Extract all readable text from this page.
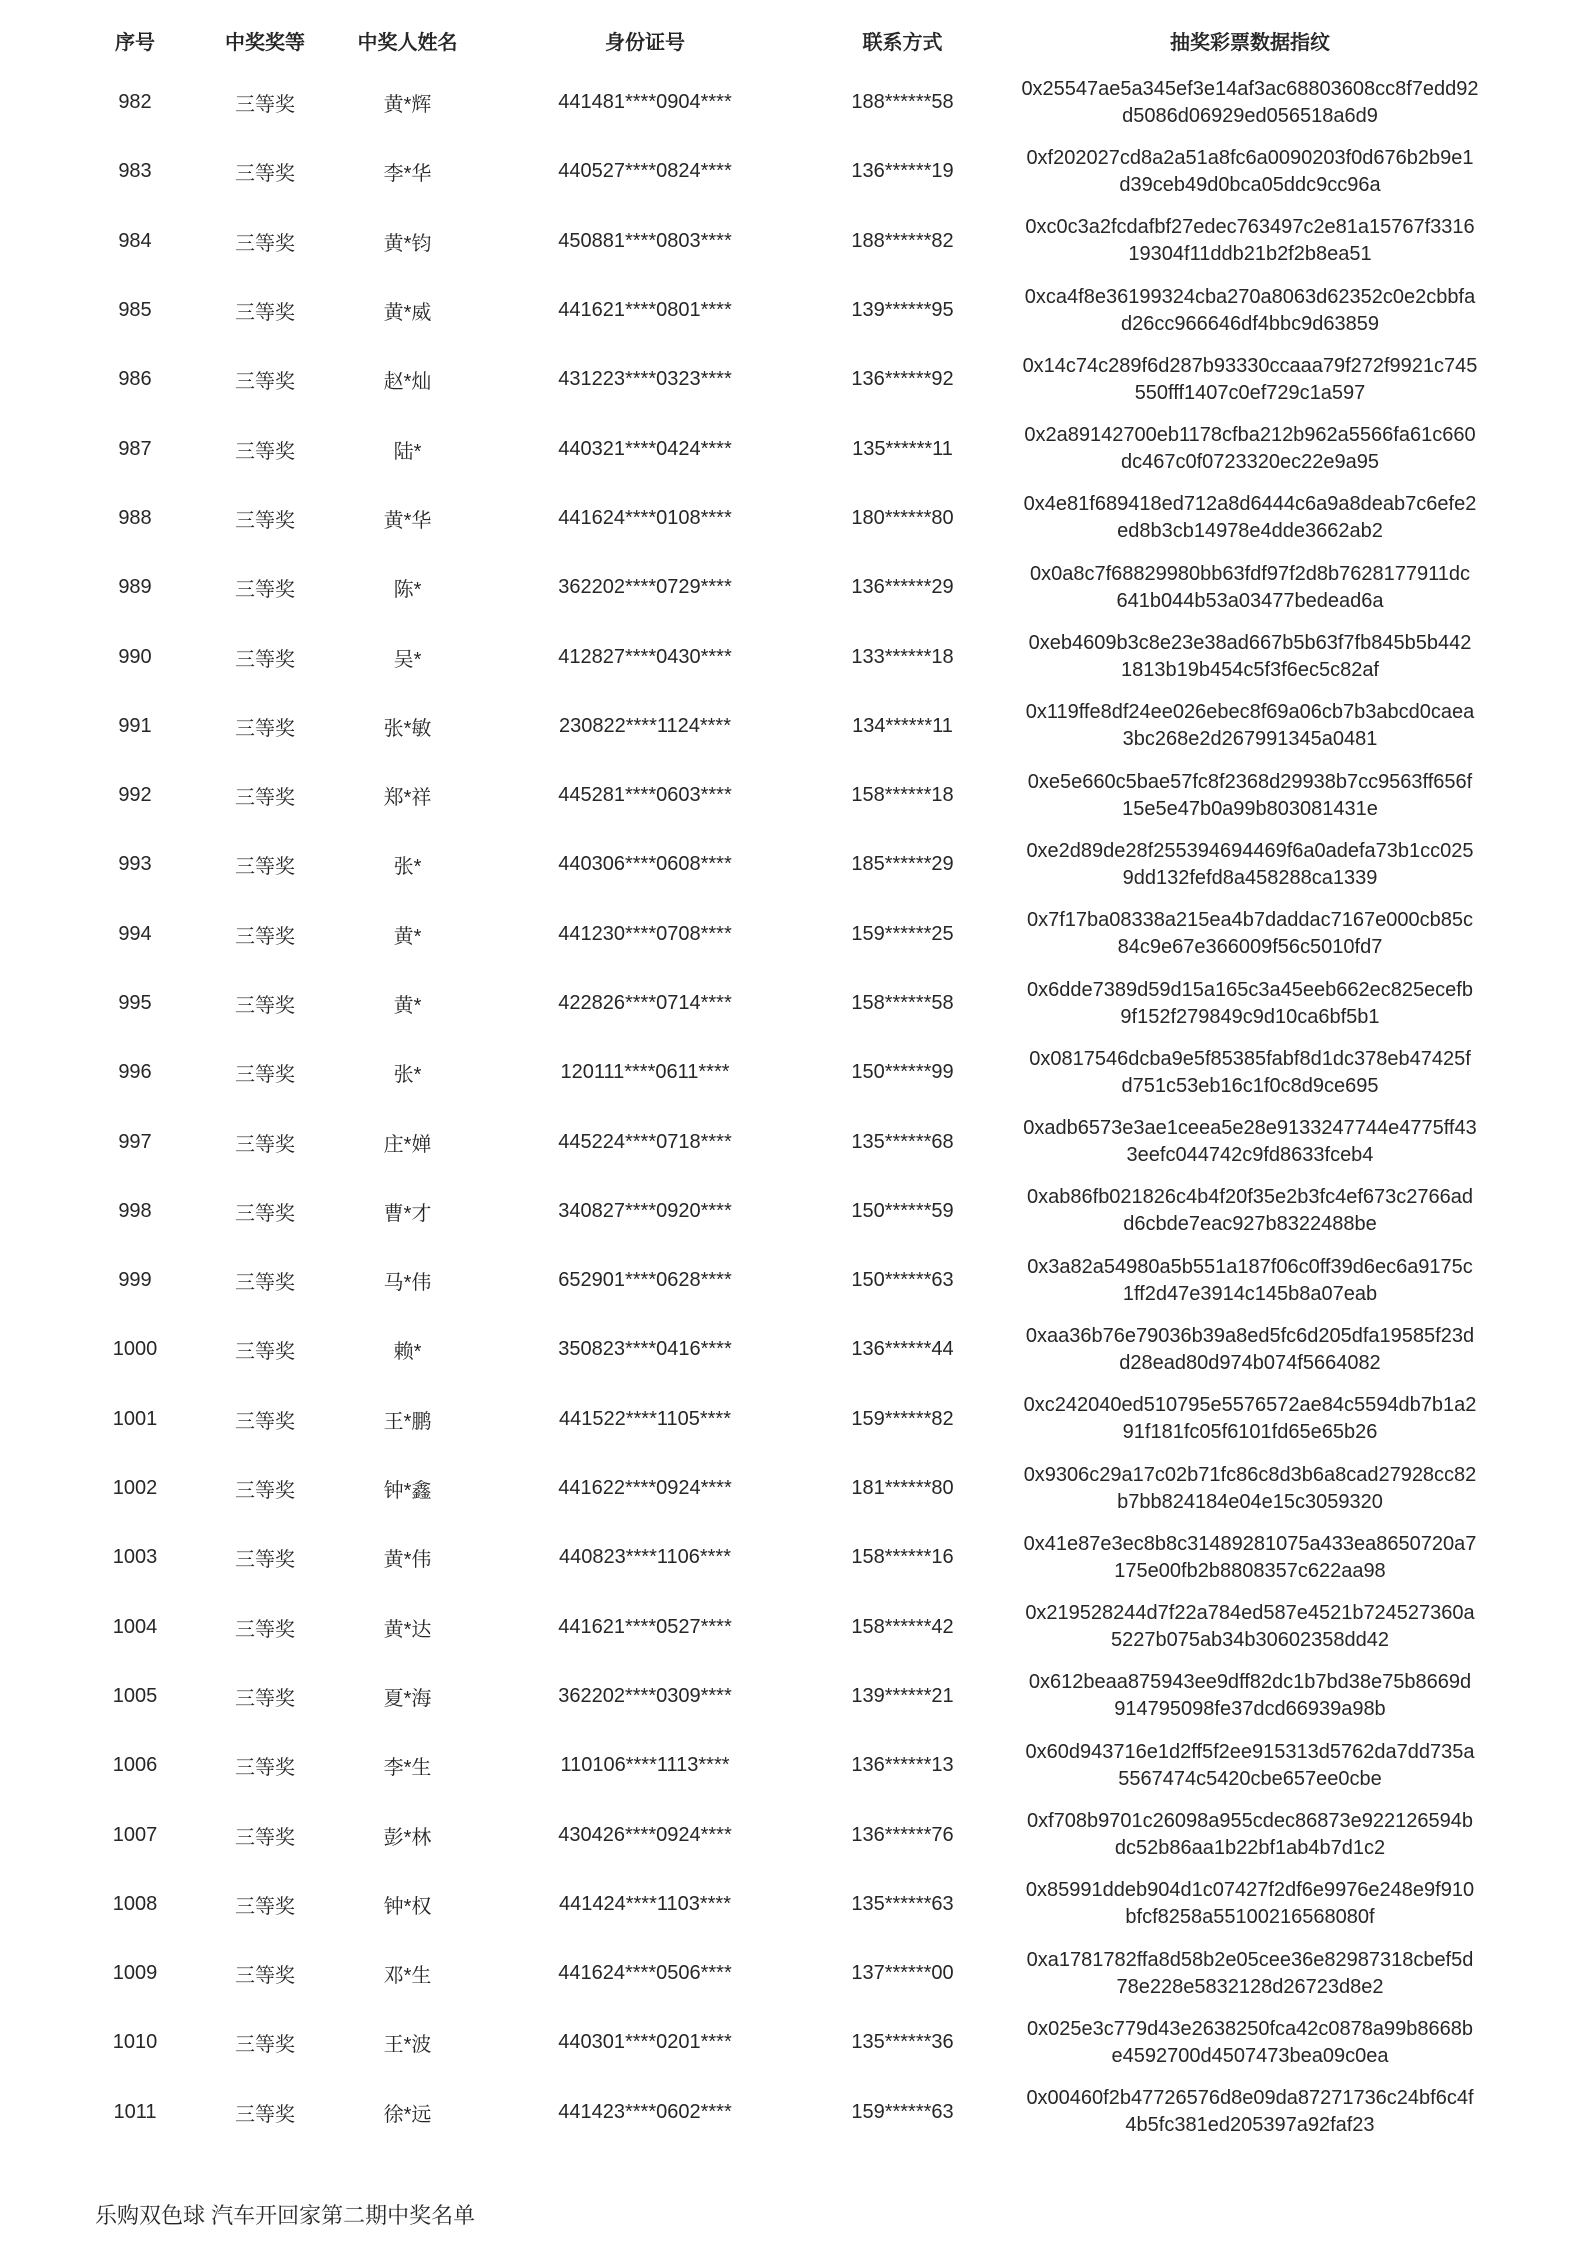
序号	中奖奖等	中奖人姓名	身份证号	联系方式	抽奖彩票数据指纹
982	三等奖	黄*辉	441481****0904****	188******58	0x25547ae5a345ef3e14af3ac68803608cc8f7edd92
d5086d06929ed056518a6d9

983	三等奖	李*华	440527****0824****	136******19	0xf202027cd8a2a51a8fc6a0090203f0d676b2b9e1
d39ceb49d0bca05ddc9cc96a

984	三等奖	黄*钧	450881****0803****	188******82	0xc0c3a2fcdafbf27edec763497c2e81a15767f3316
19304f11ddb21b2f2b8ea51

985	三等奖	黄*威	441621****0801****	139******95	0xca4f8e36199324cba270a8063d62352c0e2cbbfa
d26cc966646df4bbc9d63859

986	三等奖	赵*灿	431223****0323****	136******92	0x14c74c289f6d287b93330ccaaa79f272f9921c745
550fff1407c0ef729c1a597

987	三等奖	陆*	440321****0424****	135******11	0x2a89142700eb1178cfba212b962a5566fa61c660
dc467c0f0723320ec22e9a95

988	三等奖	黄*华	441624****0108****	180******80	0x4e81f689418ed712a8d6444c6a9a8deab7c6efe2
ed8b3cb14978e4dde3662ab2

989	三等奖	陈*	362202****0729****	136******29	0x0a8c7f68829980bb63fdf97f2d8b7628177911dc
641b044b53a03477bedead6a

990	三等奖	吴*	412827****0430****	133******18	0xeb4609b3c8e23e38ad667b5b63f7fb845b5b442
1813b19b454c5f3f6ec5c82af

991	三等奖	张*敏	230822****1124****	134******11	0x119ffe8df24ee026ebec8f69a06cb7b3abcd0caea
3bc268e2d267991345a0481

992	三等奖	郑*祥	445281****0603****	158******18	0xe5e660c5bae57fc8f2368d29938b7cc9563ff656f
15e5e47b0a99b803081431e

993	三等奖	张*	440306****0608****	185******29	0xe2d89de28f255394694469f6a0adefa73b1cc025
9dd132fefd8a458288ca1339

994	三等奖	黄*	441230****0708****	159******25	0x7f17ba08338a215ea4b7daddac7167e000cb85c
84c9e67e366009f56c5010fd7

995	三等奖	黄*	422826****0714****	158******58	0x6dde7389d59d15a165c3a45eeb662ec825ecefb
9f152f279849c9d10ca6bf5b1

996	三等奖	张*	120111****0611****	150******99	0x0817546dcba9e5f85385fabf8d1dc378eb47425f
d751c53eb16c1f0c8d9ce695

997	三等奖	庄*婵	445224****0718****	135******68	0xadb6573e3ae1ceea5e28e9133247744e4775ff43
3eefc044742c9fd8633fceb4

998	三等奖	曹*才	340827****0920****	150******59	0xab86fb021826c4b4f20f35e2b3fc4ef673c2766ad
d6cbde7eac927b8322488be

999	三等奖	马*伟	652901****0628****	150******63	0x3a82a54980a5b551a187f06c0ff39d6ec6a9175c
1ff2d47e3914c145b8a07eab

1000	三等奖	赖*	350823****0416****	136******44	0xaa36b76e79036b39a8ed5fc6d205dfa19585f23d
d28ead80d974b074f5664082

1001	三等奖	王*鹏	441522****1105****	159******82	0xc242040ed510795e5576572ae84c5594db7b1a2
91f181fc05f6101fd65e65b26

1002	三等奖	钟*鑫	441622****0924****	181******80	0x9306c29a17c02b71fc86c8d3b6a8cad27928cc82
b7bb824184e04e15c3059320

1003	三等奖	黄*伟	440823****1106****	158******16	0x41e87e3ec8b8c31489281075a433ea8650720a7
175e00fb2b8808357c622aa98

1004	三等奖	黄*达	441621****0527****	158******42	0x219528244d7f22a784ed587e4521b724527360a
5227b075ab34b30602358dd42

1005	三等奖	夏*海	362202****0309****	139******21	0x612beaa875943ee9dff82dc1b7bd38e75b8669d
914795098fe37dcd66939a98b

1006	三等奖	李*生	110106****1113****	136******13	0x60d943716e1d2ff5f2ee915313d5762da7dd735a
5567474c5420cbe657ee0cbe

1007	三等奖	彭*林	430426****0924****	136******76	0xf708b9701c26098a955cdec86873e922126594b
dc52b86aa1b22bf1ab4b7d1c2

1008	三等奖	钟*权	441424****1103****	135******63	0x85991ddeb904d1c07427f2df6e9976e248e9f910
bfcf8258a55100216568080f

1009	三等奖	邓*生	441624****0506****	137******00	0xa1781782ffa8d58b2e05cee36e82987318cbef5d
78e228e5832128d26723d8e2

1010	三等奖	王*波	440301****0201****	135******36	0x025e3c779d43e2638250fca42c0878a99b8668b
e4592700d4507473bea09c0ea

1011	三等奖	徐*远	441423****0602****	159******63	0x00460f2b47726576d8e09da87271736c24bf6c4f
4b5fc381ed205397a92faf23
乐购双色球 汽车开回家第二期中奖名单
